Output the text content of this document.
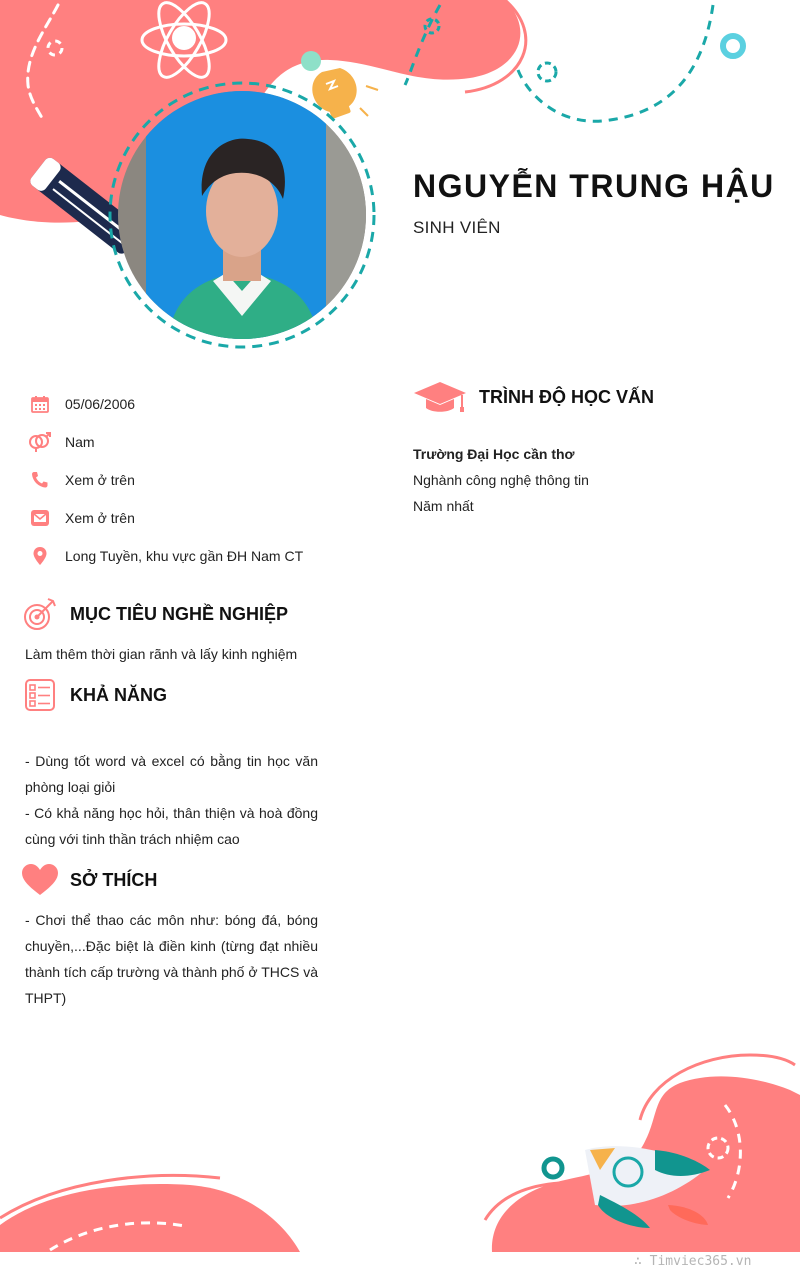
NGUYỄN TRUNG HẬU
SINH VIÊN
05/06/2006
Nam
Xem ở trên
Xem ở trên
Long Tuyền, khu vực gần ĐH Nam CT
MỤC TIÊU NGHỀ NGHIỆP
Làm thêm thời gian rãnh và lấy kinh nghiệm
KHẢ NĂNG

- Dùng tốt word và excel có bằng tin học văn phòng loại giỏi

- Có khả năng học hỏi, thân thiện và hoà đồng cùng với tinh thần trách nhiệm cao

SỞ THÍCH
- Chơi thể thao các môn như: bóng đá, bóng chuyền,...Đặc biệt là điền kinh (từng đạt nhiều thành tích cấp trường và thành phố ở THCS và THPT)
TRÌNH ĐỘ HỌC VẤN
Trường Đại Học cần thơ
Nghành công nghệ thông tin
Năm nhất
∴ Timviec365.vn
